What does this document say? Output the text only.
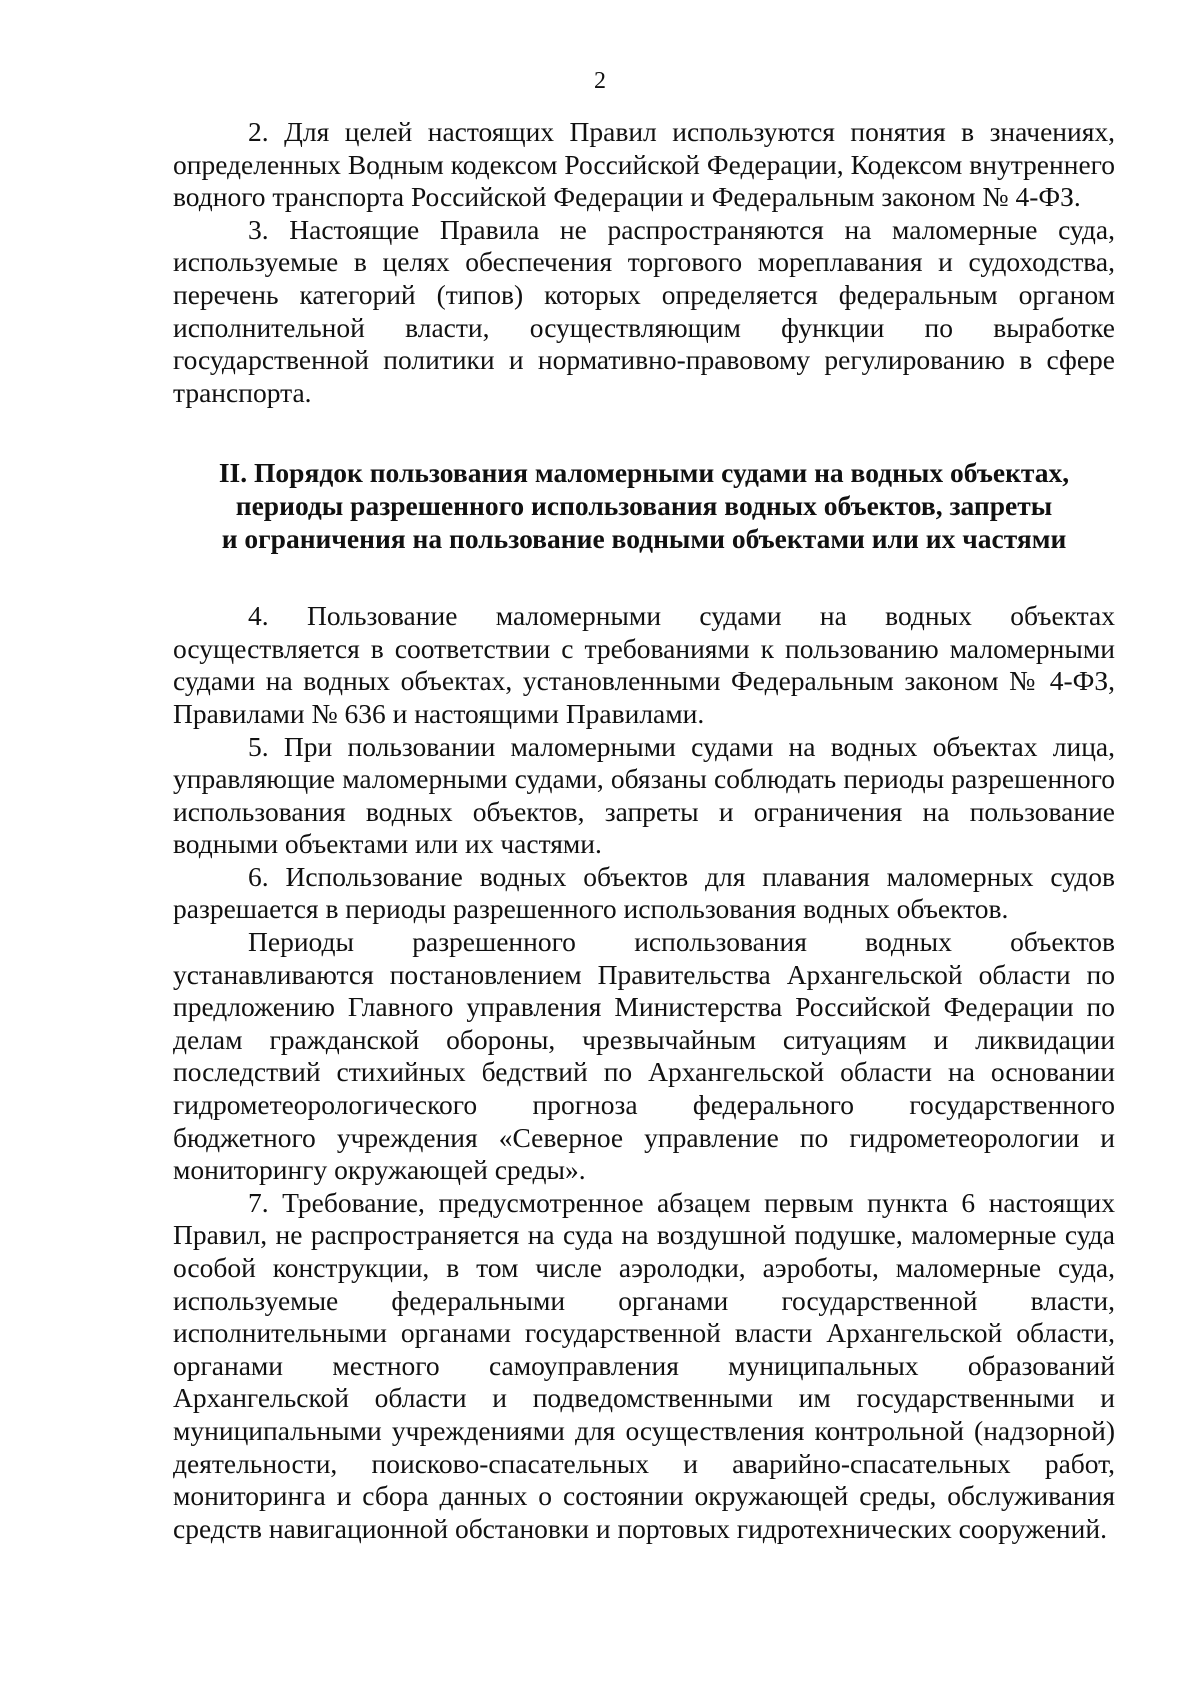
2

2. Для целей настоящих Правил используются понятия в значениях, определенных Водным кодексом Российской Федерации, Кодексом внутреннего водного транспорта Российской Федерации и Федеральным законом № 4-ФЗ.

3. Настоящие Правила не распространяются на маломерные суда, используемые в целях обеспечения торгового мореплавания и судоходства, перечень категорий (типов) которых определяется федеральным органом исполнительной власти, осуществляющим функции по выработке государственной политики и нормативно-правовому регулированию в сфере транспорта.

II. Порядок пользования маломерными судами на водных объектах,
периоды разрешенного использования водных объектов, запреты
и ограничения на пользование водными объектами или их частями

4. Пользование маломерными судами на водных объектах осуществляется в соответствии с требованиями к пользованию маломерными судами на водных объектах, установленными Федеральным законом № 4-ФЗ, Правилами № 636 и настоящими Правилами.

5. При пользовании маломерными судами на водных объектах лица, управляющие маломерными судами, обязаны соблюдать периоды разрешенного использования водных объектов, запреты и ограничения на пользование водными объектами или их частями.

6. Использование водных объектов для плавания маломерных судов разрешается в периоды разрешенного использования водных объектов.

Периоды разрешенного использования водных объектов устанавливаются постановлением Правительства Архангельской области по предложению Главного управления Министерства Российской Федерации по делам гражданской обороны, чрезвычайным ситуациям и ликвидации последствий стихийных бедствий по Архангельской области на основании гидрометеорологического прогноза федерального государственного бюджетного учреждения «Северное управление по гидрометеорологии и мониторингу окружающей среды».

7. Требование, предусмотренное абзацем первым пункта 6 настоящих Правил, не распространяется на суда на воздушной подушке, маломерные суда особой конструкции, в том числе аэролодки, аэроботы, маломерные суда, используемые федеральными органами государственной власти, исполнительными органами государственной власти Архангельской области, органами местного самоуправления муниципальных образований Архангельской области и подведомственными им государственными и муниципальными учреждениями для осуществления контрольной (надзорной) деятельности, поисково-спасательных и аварийно-спасательных работ, мониторинга и сбора данных о состоянии окружающей среды, обслуживания средств навигационной обстановки и портовых гидротехнических сооружений.
